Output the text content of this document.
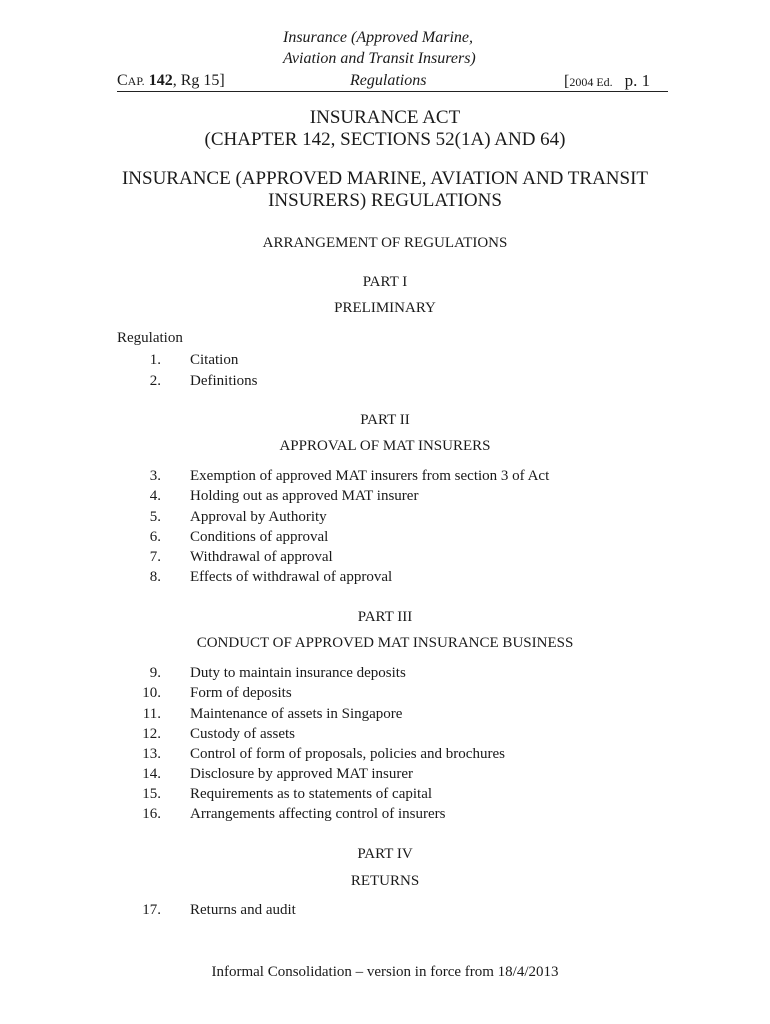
Insurance (Approved Marine,
Aviation and Transit Insurers)
Regulations
CAP. 142, Rg 15]	[2004 Ed. p. 1
INSURANCE ACT
(CHAPTER 142, SECTIONS 52(1A) AND 64)
INSURANCE (APPROVED MARINE, AVIATION AND TRANSIT
INSURERS) REGULATIONS
ARRANGEMENT OF REGULATIONS
PART I
PRELIMINARY
Regulation
1. Citation
2. Definitions
PART II
APPROVAL OF MAT INSURERS
3. Exemption of approved MAT insurers from section 3 of Act
4. Holding out as approved MAT insurer
5. Approval by Authority
6. Conditions of approval
7. Withdrawal of approval
8. Effects of withdrawal of approval
PART III
CONDUCT OF APPROVED MAT INSURANCE BUSINESS
9. Duty to maintain insurance deposits
10. Form of deposits
11. Maintenance of assets in Singapore
12. Custody of assets
13. Control of form of proposals, policies and brochures
14. Disclosure by approved MAT insurer
15. Requirements as to statements of capital
16. Arrangements affecting control of insurers
PART IV
RETURNS
17. Returns and audit
Informal Consolidation – version in force from 18/4/2013
